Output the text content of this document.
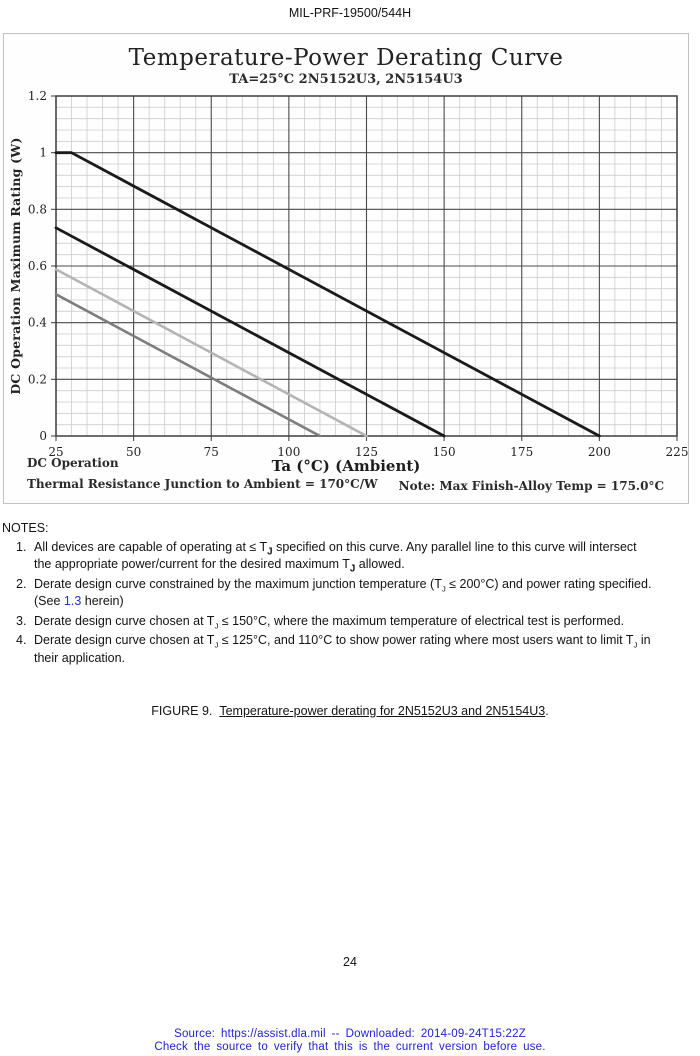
MIL-PRF-19500/544H
25	50	75	100	125	150	175	200	225
0
0.2
0.4
0.6
0.8
1
1.2
Temperature-Power Derating Curve
TA=25°C 2N5152U3, 2N5154U3
DC Operation Maximum Rating (W)
DC Operation	Ta (°C) (Ambient)
Thermal Resistance Junction to Ambient = 170°C/W Note: Max Finish-Alloy Temp = 175.0°C
NOTES:
1. All devices are capable of operating at ≤ $T_J$ specified on this curve. Any parallel line to this curve will intersect
the appropriate power/current for the desired maximum $T_J$ allowed.
2. Derate design curve constrained by the maximum junction temperature $(T_J \le 200^\circ C)$ and power rating specified.
(See 1.3 herein)
3. Derate design curve chosen at $T_J \le 150^\circ C$, where the maximum temperature of electrical test is performed.
4. Derate design curve chosen at $T_J \le 125^\circ C$, and 110°C to show power rating where most users want to limit $T_J$ in
their application.
FIGURE 9. Temperature-power derating for 2N5152U3 and 2N5154U3.
24
Source: https://assist.dla.mil -- Downloaded: 2014-09-24T15:22Z
Check the source to verify that this is the current version before use.
